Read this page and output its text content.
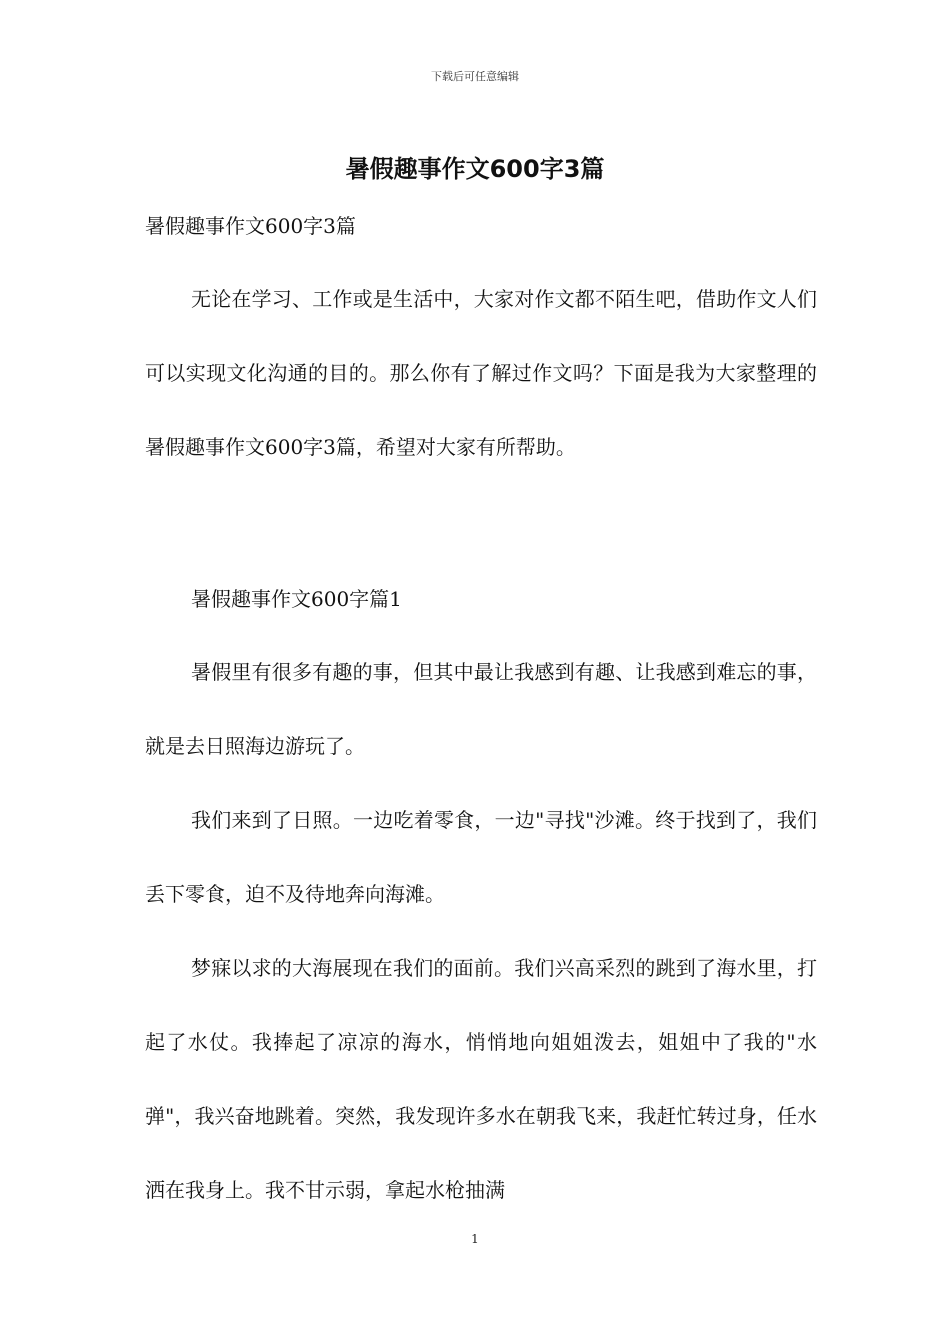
下载后可任意编辑
暑假趣事作文600字3篇

暑假趣事作文600字3篇

无论在学习、工作或是生活中，大家对作文都不陌生吧，借助作文人们可以实现文化沟通的目的。那么你有了解过作文吗？下面是我为大家整理的暑假趣事作文600字3篇，希望对大家有所帮助。

暑假趣事作文600字篇1

暑假里有很多有趣的事，但其中最让我感到有趣、让我感到难忘的事，就是去日照海边游玩了。

我们来到了日照。一边吃着零食，一边"寻找"沙滩。终于找到了，我们丢下零食，迫不及待地奔向海滩。

梦寐以求的大海展现在我们的面前。我们兴高采烈的跳到了海水里，打起了水仗。我捧起了凉凉的海水，悄悄地向姐姐泼去，姐姐中了我的"水弹"，我兴奋地跳着。突然，我发现许多水在朝我飞来，我赶忙转过身，任水洒在我身上。我不甘示弱，拿起水枪抽满

1
